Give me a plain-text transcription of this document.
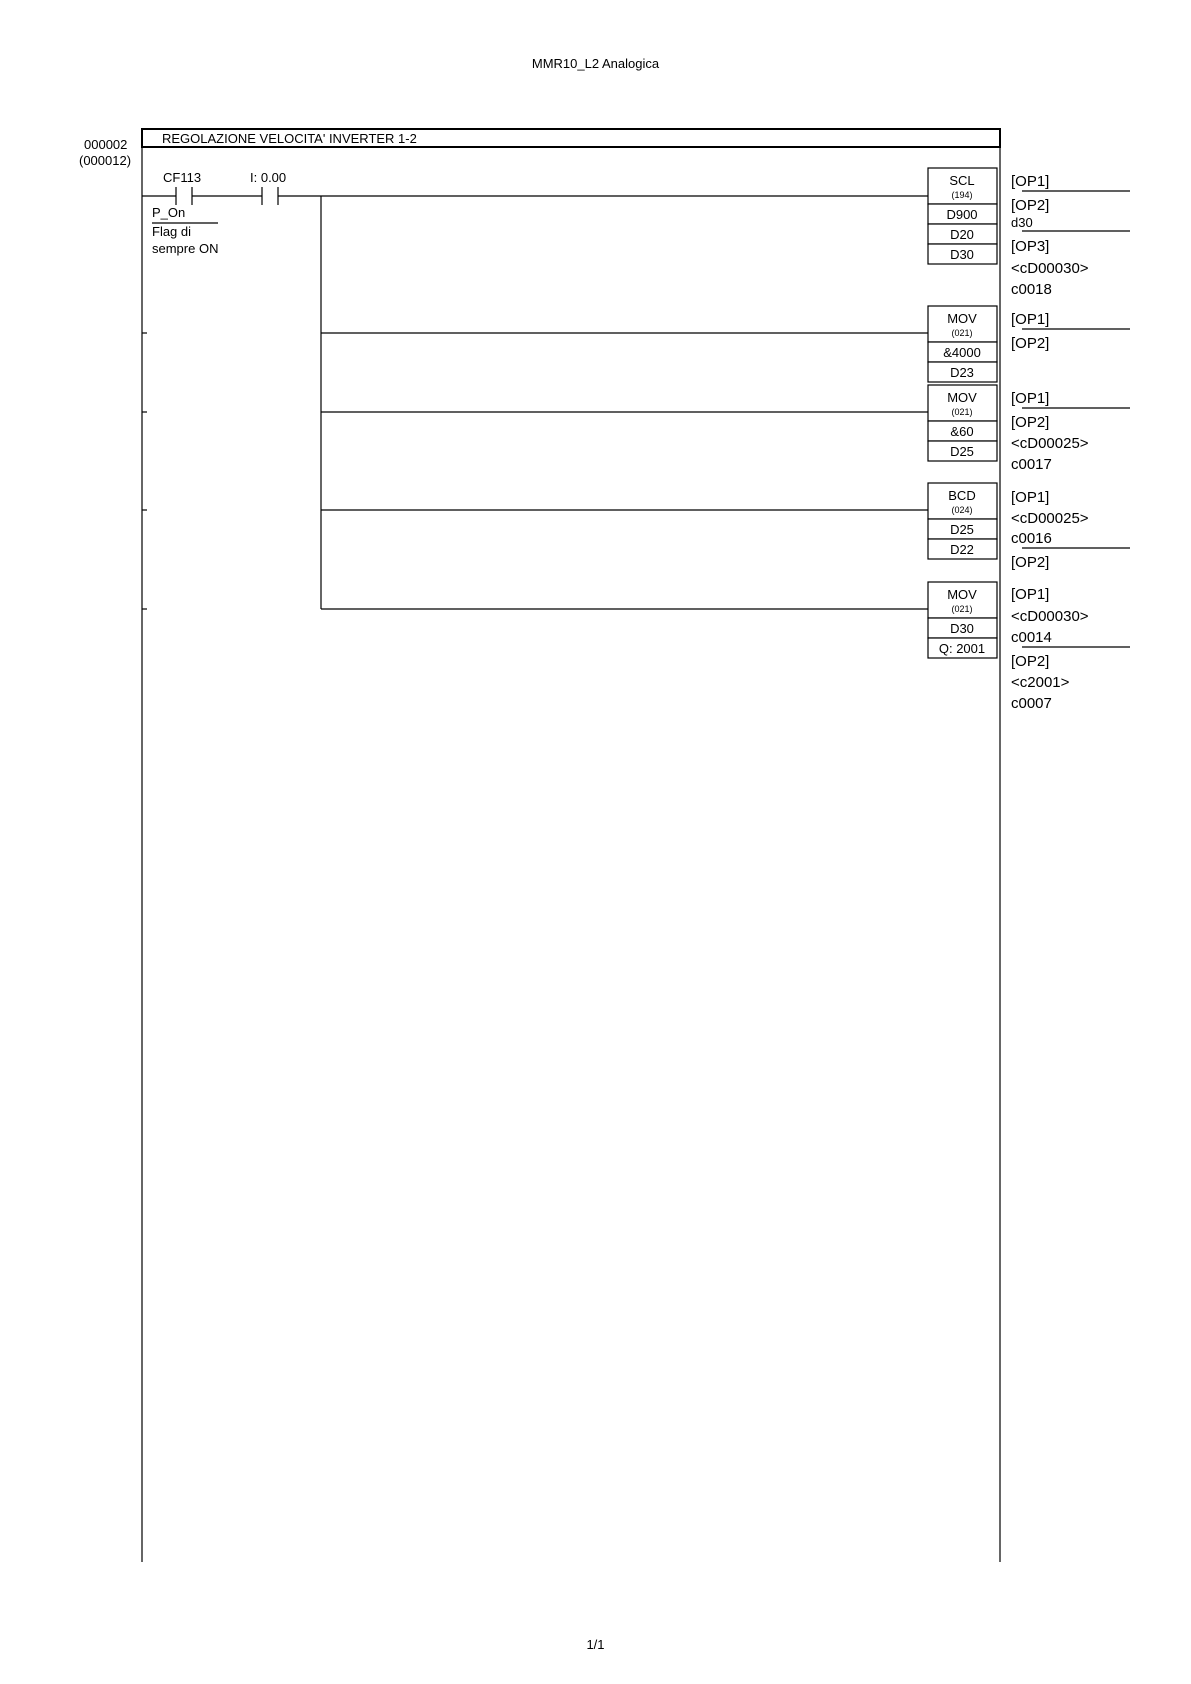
MMR10_L2 Analogica
000002
(000012)
REGOLAZIONE VELOCITA' INVERTER 1-2
CF113
P_On
Flag di
sempre ON
I: 0.00	SCL
(194)
D900
D20
D30
[OP1]
[OP2]
d30
[OP3]
<cD00030>
c0018
MOV
(021)
&4000
D23
[OP1]
[OP2]
MOV
(021)
&60
D25
[OP1]
[OP2]
<cD00025>
c0017
BCD
(024)
D25
D22
[OP1]
<cD00025>
c0016
[OP2]
MOV
(021)
D30
Q: 2001
[OP1]
<cD00030>
c0014
[OP2]
<c2001>
c0007
1/1
